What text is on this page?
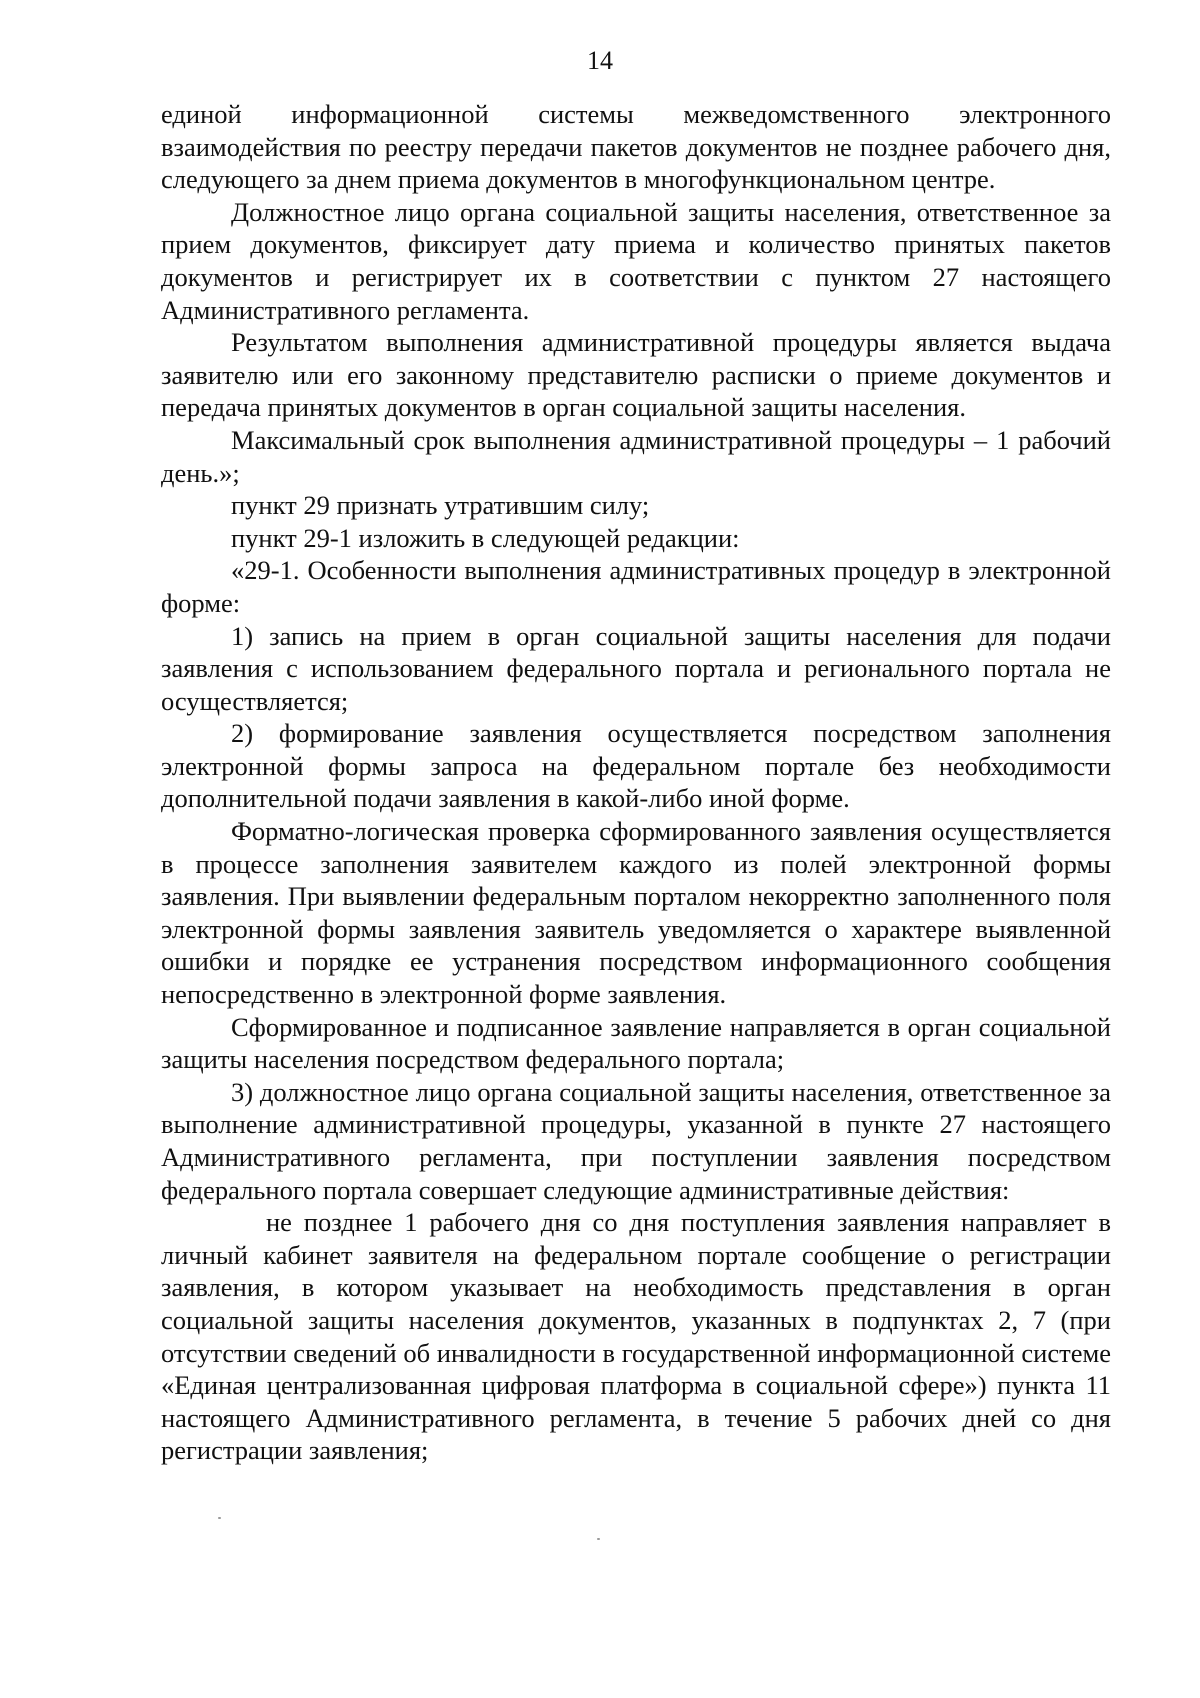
14

единой информационной системы межведомственного электронного взаимодействия по реестру передачи пакетов документов не позднее рабочего дня, следующего за днем приема документов в многофункциональном центре.

Должностное лицо органа социальной защиты населения, ответственное за прием документов, фиксирует дату приема и количество принятых пакетов документов и регистрирует их в соответствии с пунктом 27 настоящего Административного регламента.

Результатом выполнения административной процедуры является выдача заявителю или его законному представителю расписки о приеме документов и передача принятых документов в орган социальной защиты населения.

Максимальный срок выполнения административной процедуры – 1 рабочий день.»;

пункт 29 признать утратившим силу;

пункт 29-1 изложить в следующей редакции:

«29-1. Особенности выполнения административных процедур в электронной форме:

1) запись на прием в орган социальной защиты населения для подачи заявления с использованием федерального портала и регионального портала не осуществляется;

2) формирование заявления осуществляется посредством заполнения электронной формы запроса на федеральном портале без необходимости дополнительной подачи заявления в какой-либо иной форме.

Форматно-логическая проверка сформированного заявления осуществляется в процессе заполнения заявителем каждого из полей электронной формы заявления. При выявлении федеральным порталом некорректно заполненного поля электронной формы заявления заявитель уведомляется о характере выявленной ошибки и порядке ее устранения посредством информационного сообщения непосредственно в электронной форме заявления.

Сформированное и подписанное заявление направляется в орган социальной защиты населения посредством федерального портала;

3) должностное лицо органа социальной защиты населения, ответственное за выполнение административной процедуры, указанной в пункте 27 настоящего Административного регламента, при поступлении заявления посредством федерального портала совершает следующие административные действия:

не позднее 1 рабочего дня со дня поступления заявления направляет в личный кабинет заявителя на федеральном портале сообщение о регистрации заявления, в котором указывает на необходимость представления в орган социальной защиты населения документов, указанных в подпунктах 2, 7 (при отсутствии сведений об инвалидности в государственной информационной системе «Единая централизованная цифровая платформа в социальной сфере») пункта 11 настоящего Административного регламента, в течение 5 рабочих дней со дня регистрации заявления;
